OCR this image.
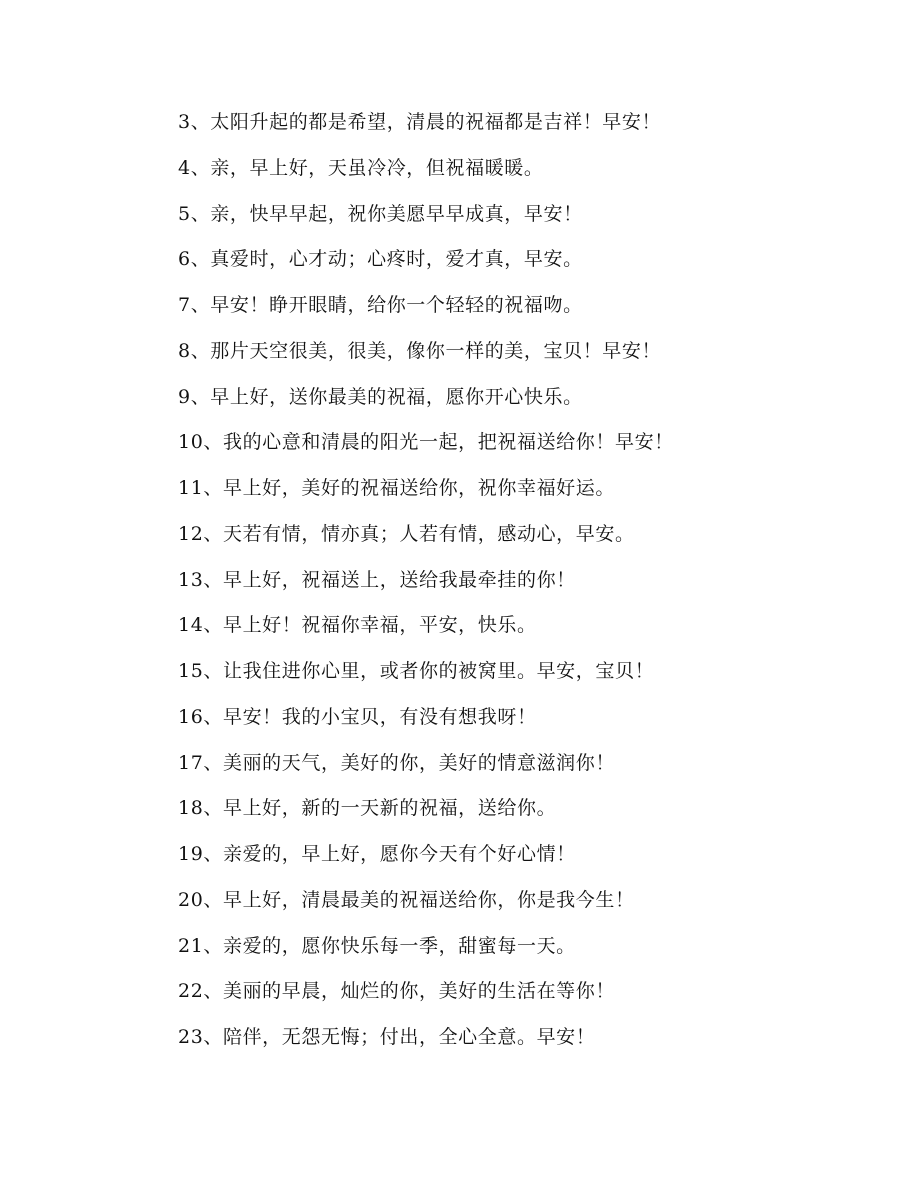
3、太阳升起的都是希望，清晨的祝福都是吉祥！早安！
4、亲，早上好，天虽冷冷，但祝福暖暖。
5、亲，快早早起，祝你美愿早早成真，早安！
6、真爱时，心才动；心疼时，爱才真，早安。
7、早安！睁开眼睛，给你一个轻轻的祝福吻。
8、那片天空很美，很美，像你一样的美，宝贝！早安！
9、早上好，送你最美的祝福，愿你开心快乐。
10、我的心意和清晨的阳光一起，把祝福送给你！早安！
11、早上好，美好的祝福送给你，祝你幸福好运。
12、天若有情，情亦真；人若有情，感动心，早安。
13、早上好，祝福送上，送给我最牵挂的你！
14、早上好！祝福你幸福，平安，快乐。
15、让我住进你心里，或者你的被窝里。早安，宝贝！
16、早安！我的小宝贝，有没有想我呀！
17、美丽的天气，美好的你，美好的情意滋润你！
18、早上好，新的一天新的祝福，送给你。
19、亲爱的，早上好，愿你今天有个好心情！
20、早上好，清晨最美的祝福送给你，你是我今生！
21、亲爱的，愿你快乐每一季，甜蜜每一天。
22、美丽的早晨，灿烂的你，美好的生活在等你！
23、陪伴，无怨无悔；付出，全心全意。早安！
